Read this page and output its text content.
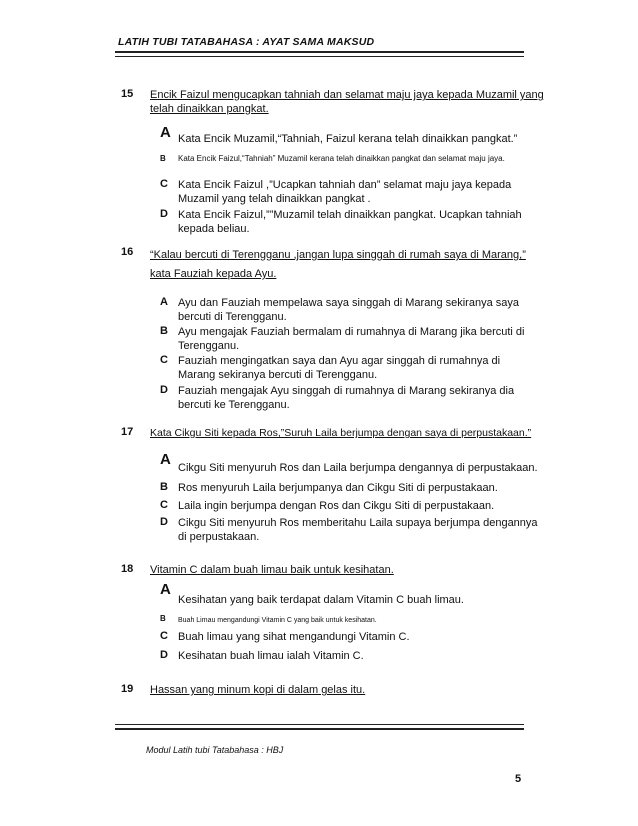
LATIH TUBI TATABAHASA : AYAT SAMA MAKSUD
15 Encik Faizul mengucapkan tahniah dan selamat maju jaya kepada Muzamil yang telah dinaikkan pangkat.
A Kata Encik Muzamil,“Tahniah, Faizul kerana telah dinaikkan pangkat.”
B Kata Encik Faizul,“Tahniah” Muzamil kerana telah dinaikkan pangkat dan selamat maju jaya.
C Kata Encik Faizul ,”Ucapkan tahniah dan” selamat maju jaya kepada Muzamil yang telah dinaikkan pangkat .
D Kata Encik Faizul,””Muzamil telah dinaikkan pangkat. Ucapkan tahniah kepada beliau.
16 “Kalau bercuti di Terengganu ,jangan lupa singgah di rumah saya di Marang,” kata Fauziah kepada Ayu.
A Ayu dan Fauziah mempelawa saya singgah di Marang sekiranya saya bercuti di Terengganu.
B Ayu mengajak Fauziah bermalam di rumahnya di Marang jika bercuti di Terengganu.
C Fauziah mengingatkan saya dan Ayu agar singgah di rumahnya di Marang sekiranya bercuti di Terengganu.
D Fauziah mengajak Ayu singgah di rumahnya di Marang sekiranya dia bercuti ke Terengganu.
17 Kata Cikgu Siti kepada Ros,”Suruh Laila berjumpa dengan saya di perpustakaan.”
A Cikgu Siti menyuruh Ros dan Laila berjumpa dengannya di perpustakaan.
B Ros menyuruh Laila berjumpanya dan Cikgu Siti di perpustakaan.
C Laila ingin berjumpa dengan Ros dan Cikgu Siti di perpustakaan.
D Cikgu Siti menyuruh Ros memberitahu Laila supaya berjumpa dengannya di perpustakaan.
18 Vitamin C dalam buah limau baik untuk kesihatan.
A
Kesihatan yang baik terdapat dalam Vitamin C buah limau.
B Buah Limau mengandungi Vitamin C yang baik untuk kesihatan.
C Buah limau yang sihat mengandungi Vitamin C.
D Kesihatan buah limau ialah Vitamin C.
19 Hassan yang minum kopi di dalam gelas itu.
Modul Latih tubi Tatabahasa : HBJ
5
